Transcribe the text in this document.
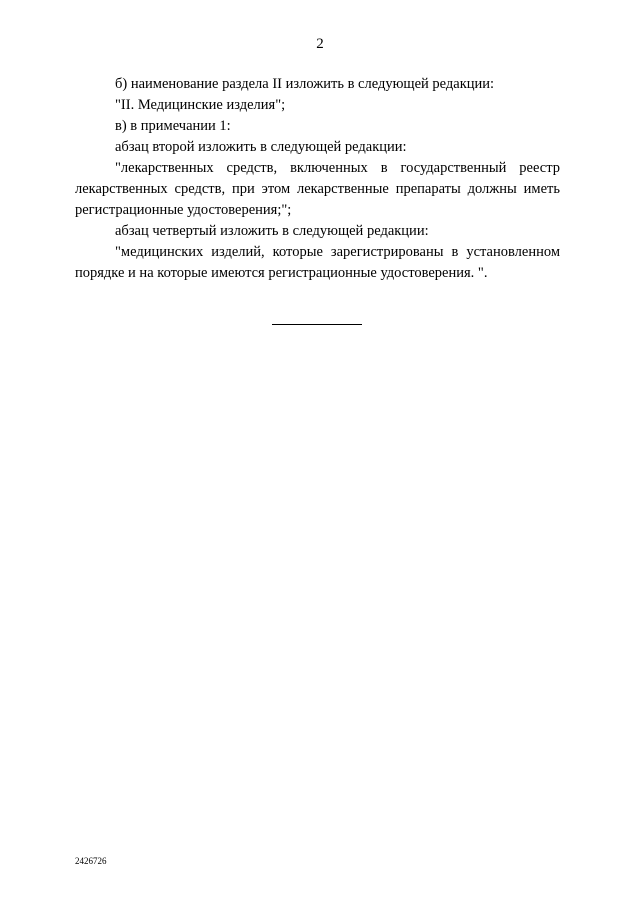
2

б) наименование раздела II изложить в следующей редакции:

"II. Медицинские изделия";

в) в примечании 1:

абзац второй изложить в следующей редакции:

"лекарственных средств, включенных в государственный реестр лекарственных средств, при этом лекарственные препараты должны иметь регистрационные удостоверения;";

абзац четвертый изложить в следующей редакции:

"медицинских изделий, которые зарегистрированы в установленном порядке и на которые имеются регистрационные удостоверения. ".

2426726
